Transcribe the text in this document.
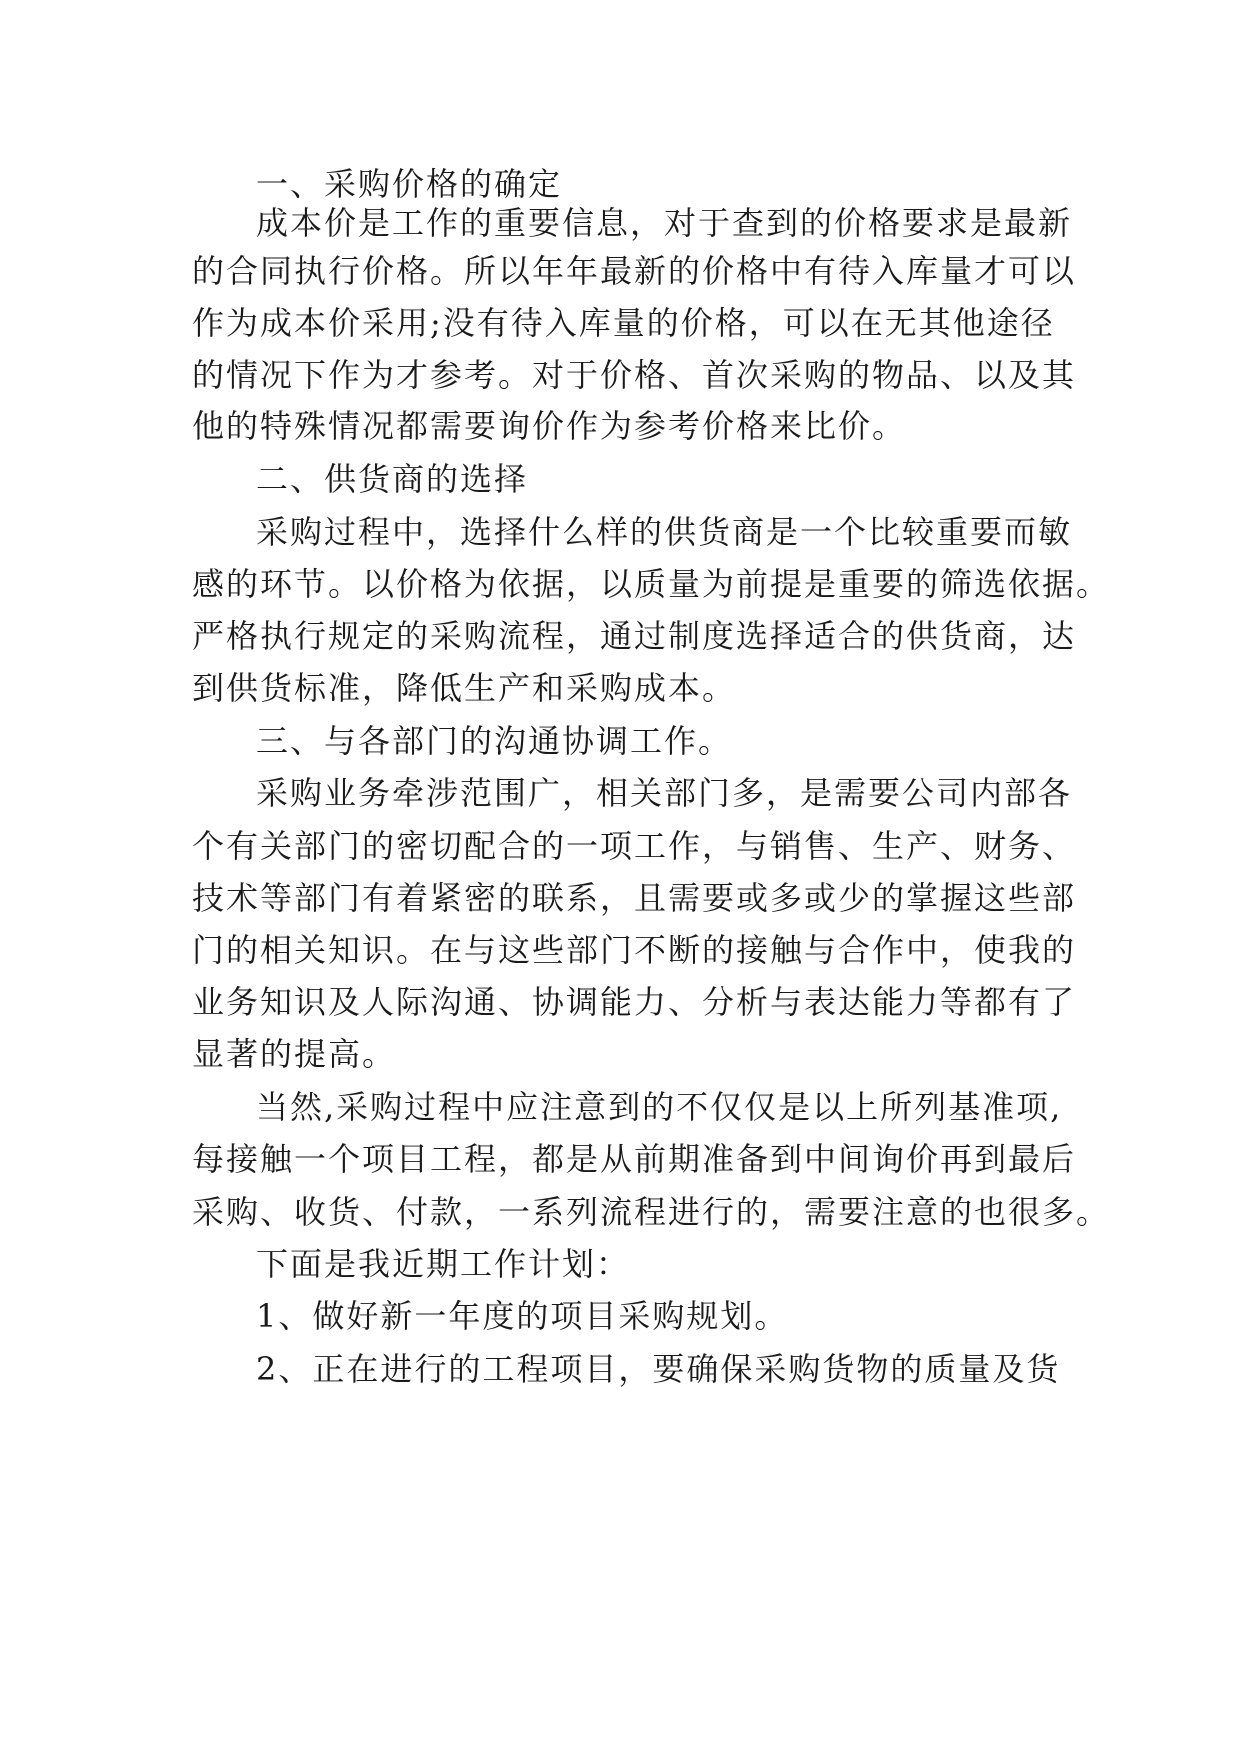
一、采购价格的确定
成本价是工作的重要信息，对于查到的价格要求是最新
的合同执行价格。所以年年最新的价格中有待入库量才可以
作为成本价采用;没有待入库量的价格，可以在无其他途径
的情况下作为才参考。对于价格、首次采购的物品、以及其
他的特殊情况都需要询价作为参考价格来比价。
二、供货商的选择
采购过程中，选择什么样的供货商是一个比较重要而敏
感的环节。以价格为依据，以质量为前提是重要的筛选依据。
严格执行规定的采购流程，通过制度选择适合的供货商，达
到供货标准，降低生产和采购成本。
三、与各部门的沟通协调工作。
采购业务牵涉范围广，相关部门多，是需要公司内部各
个有关部门的密切配合的一项工作，与销售、生产、财务、
技术等部门有着紧密的联系，且需要或多或少的掌握这些部
门的相关知识。在与这些部门不断的接触与合作中，使我的
业务知识及人际沟通、协调能力、分析与表达能力等都有了
显著的提高。
当然,采购过程中应注意到的不仅仅是以上所列基准项,
每接触一个项目工程，都是从前期准备到中间询价再到最后
采购、收货、付款，一系列流程进行的，需要注意的也很多。
下面是我近期工作计划：
1、做好新一年度的项目采购规划。
2、正在进行的工程项目，要确保采购货物的质量及货
